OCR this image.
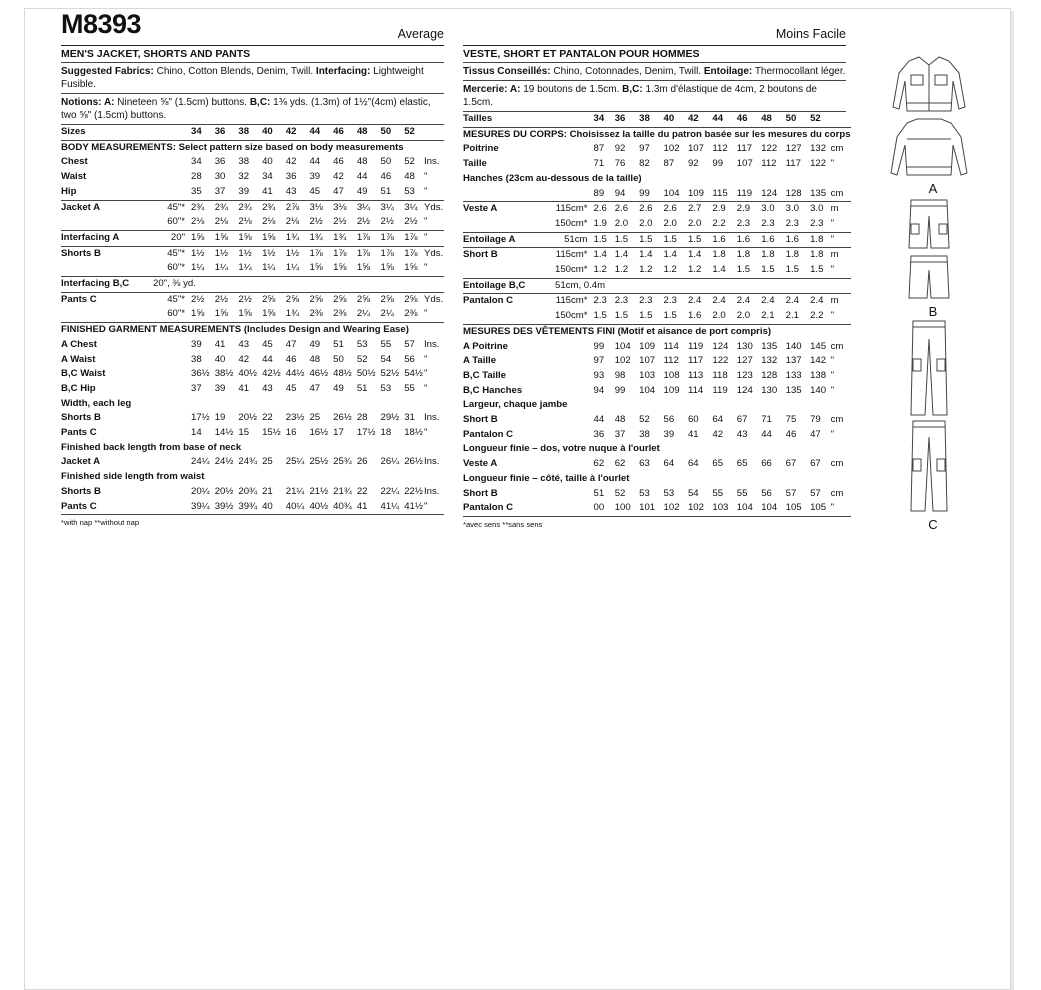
M8393	Average
MEN'S JACKET, SHORTS AND PANTS
Suggested Fabrics: Chino, Cotton Blends, Denim, Twill. Interfacing: Lightweight Fusible.
Notions: A: Nineteen ⅝" (1.5cm) buttons. B,C: 1⅜ yds. (1.3m) of 1½"(4cm) elastic, two ⅝" (1.5cm) buttons.
Sizes		34	36	38	40	42	44	46	48	50	52	
BODY MEASUREMENTS: Select pattern size based on body measurements												
Chest		34	36	38	40	42	44	46	48	50	52	Ins.
Waist		28	30	32	34	36	39	42	44	46	48	"
Hip		35	37	39	41	43	45	47	49	51	53	"
Jacket A	45"*	2¾	2¾	2¾	2¾	2⅞	3⅛	3⅛	3¼	3¼	3¼	Yds.
	60"*	2⅛	2⅛	2⅛	2⅛	2⅛	2½	2½	2½	2½	2½	"
Interfacing A	20"	1⅝	1⅝	1⅝	1⅝	1¾	1¾	1¾	1⅞	1⅞	1⅞	"
Shorts B	45"*	1½	1½	1½	1½	1½	1⅞	1⅞	1⅞	1⅞	1⅞	Yds.
	60"*	1¼	1¼	1¼	1¼	1¼	1⅝	1⅝	1⅝	1⅝	1⅝	"
Interfacing B,C	20", ⅜ yd.											
Pants C	45"*	2½	2½	2½	2⅝	2⅝	2⅝	2⅝	2⅝	2⅝	2⅝	Yds.
	60"*	1⅝	1⅝	1⅝	1⅝	1¾	2⅜	2⅜	2¼	2¼	2⅜	"
FINISHED GARMENT MEASUREMENTS (Includes Design and Wearing Ease)												
A Chest		39	41	43	45	47	49	51	53	55	57	Ins.
A Waist		38	40	42	44	46	48	50	52	54	56	"
B,C Waist		36½	38½	40½	42½	44½	46½	48½	50½	52½	54½	"
B,C Hip		37	39	41	43	45	47	49	51	53	55	"
Width, each leg												
Shorts B		17½	19	20½	22	23½	25	26½	28	29½	31	Ins.
Pants C		14	14½	15	15½	16	16½	17	17½	18	18½	"
Finished back length from base of neck												
Jacket A		24¼	24½	24¾	25	25¼	25½	25¾	26	26¼	26½	Ins.
Finished side length from waist												
Shorts B		20¼	20½	20¾	21	21¼	21½	21¾	22	22¼	22½	Ins.
Pants C		39¼	39½	39¾	40	40¼	40½	40¾	41	41¼	41½	"
*with nap **without nap
Moins Facile
VESTE, SHORT ET PANTALON POUR HOMMES
Tissus Conseillés: Chino, Cotonnades, Denim, Twill. Entoilage: Thermocollant léger.
Mercerie: A: 19 boutons de 1.5cm. B,C: 1.3m d'élastique de 4cm, 2 boutons de 1.5cm.
Tailles		34	36	38	40	42	44	46	48	50	52	
MESURES DU CORPS: Choisissez la taille du patron basée sur les mesures du corps												
Poitrine		87	92	97	102	107	112	117	122	127	132	cm
Taille		71	76	82	87	92	99	107	112	117	122	"
Hanches (23cm au-dessous de la taille)												
		89	94	99	104	109	115	119	124	128	135	cm
Veste A	115cm*	2.6	2.6	2.6	2.6	2.7	2.9	2.9	3.0	3.0	3.0	m
	150cm*	1.9	2.0	2.0	2.0	2.0	2.2	2.3	2.3	2.3	2.3	"
Entoilage A	51cm	1.5	1.5	1.5	1.5	1.5	1.6	1.6	1.6	1.6	1.8	"
Short B	115cm*	1.4	1.4	1.4	1.4	1.4	1.8	1.8	1.8	1.8	1.8	m
	150cm*	1.2	1.2	1.2	1.2	1.2	1.4	1.5	1.5	1.5	1.5	"
Entoilage B,C	51cm, 0.4m											
Pantalon C	115cm*	2.3	2.3	2.3	2.3	2.4	2.4	2.4	2.4	2.4	2.4	m
	150cm*	1.5	1.5	1.5	1.5	1.6	2.0	2.0	2.1	2.1	2.2	"
MESURES DES VÊTEMENTS FINI (Motif et aisance de port compris)												
A Poitrine		99	104	109	114	119	124	130	135	140	145	cm
A Taille		97	102	107	112	117	122	127	132	137	142	"
B,C Taille		93	98	103	108	113	118	123	128	133	138	"
B,C Hanches		94	99	104	109	114	119	124	130	135	140	"
Largeur, chaque jambe												
Short B		44	48	52	56	60	64	67	71	75	79	cm
Pantalon C		36	37	38	39	41	42	43	44	46	47	"
Longueur finie – dos, votre nuque à l'ourlet												
Veste A		62	62	63	64	64	65	65	66	67	67	cm
Longueur finie – côté, taille à l'ourlet												
Short B		51	52	53	53	54	55	55	56	57	57	cm
Pantalon C		00	100	101	102	102	103	104	104	105	105	"
*avec sens **sans sens
A
B
C
